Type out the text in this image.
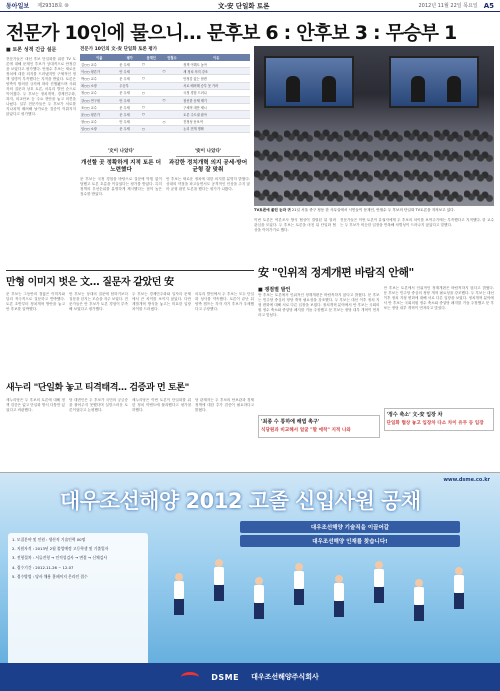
동아일보 제29318호 ⑩	文-安 단일화 토론	2012년 11월 22일 목요일 A5
전문가 10인에 물으니… 문후보 6 : 안후보 3 : 무승부 1
■ 토론 성적 긴급 설문
전문가들은 대선 후보 단일화를 위한 TV 토론에 대해 문재인 후보가 상대적으로 안정감을 보였다고 평가했다. 안철수 후보는 새로운 정치에 대한 의지를 드러냈지만 구체적인 정책 설명이 부족했다는 지적을 받았다. 토론은 양측이 합의한 규칙에 따라 진행됐으며 사회자의 질문과 상호 토론, 마무리 발언 순으로 이어졌다. 두 후보는 정치개혁, 경제민주화, 복지, 외교안보 등 주요 현안을 놓고 의견을 나눴다. 일부 전문가들은 두 후보가 서로를 지나치게 배려해 날카로운 검증이 이뤄지지 않았다고 평가했다.
전문가 10인의 文-安 단일화 토론 평가
이름	평가	문재인	안철수	이유
김○○ 교수	문 우세	○		정책 이해도 높아
이○○ 평론가	안 우세		○	새 정치 의지 강조
박○○ 교수	문 우세	○		안정감 있는 답변
최○○ 소장	무승부			서로 배려해 승부 못 가려
정○○ 교수	문 우세	○		국정 경험 드러나
강○○ 연구원	안 우세		○	참신한 문제 제기
조○○ 교수	문 우세	○		구체적 대안 제시
윤○○ 평론가	문 우세	○		토론 주도권 잡아
장○○ 교수	안 우세		○	진정성 돋보여
임○○ 소장	문 우세	○		논리 전개 명확
TV토론에 쏠린 눈과 귀 21일 서울 중구 정동 한 사무실에서 시민들이 문재인, 안철수 두 후보의 단일화 TV토론을 지켜보고 있다.
'文이 나았다'
개선할 곳 정확하게 지적 토론 더 노련했다
문 후보는 국정 경험을 바탕으로 질문에 막힘 없이 답했고 토론 흐름을 이끌었다는 평가를 받았다. 특히 정책의 우선순위를 분명하게 제시했다는 점이 높은 점수를 받았다.
'安이 나았다'
과감한 정치개혁 의지 공세·방어 균형 잘 맞춰
안 후보는 새로운 정치에 대한 의지를 분명히 밝혔다. 상대의 약점을 파고들면서도 공격적인 인상을 주지 않아 균형 잡힌 토론을 했다는 평가가 나왔다.
이번 토론은 여론조사 방식 협상이 결렬된 뒤 열려 관심을 모았다. 두 후보는 토론을 마친 뒤 단일화 협상을 이어가기로 했다.
전문가들은 이번 토론이 유권자에게 두 후보의 차이를 보여주기에는 부족했다고 지적했다. 한 교수는 두 후보가 비슷한 입장을 반복해 차별성이 드러나지 않았다고 말했다.
만형 이미지 벗은 文… 질문자 같았던 安
문 후보는 그동안의 점잖은 이미지와 달리 적극적으로 질문하고 반박했다. 토론 초반부터 정치개혁 방안을 놓고 안 후보를 압박했다.
안 후보는 상대의 질문에 답하기보다 질문을 던지는 모습을 자주 보였다. 전문가들은 안 후보가 토론 경험이 부족해 보였다고 평가했다.
두 후보는 경제민주화와 일자리 문제에서 큰 차이를 보이지 않았다. 다만 재벌개혁 방식을 놓고는 미묘한 입장 차이를 드러냈다.
마무리 발언에서 두 후보는 모두 단일화 성사를 약속했다. 토론이 끝난 뒤 양측 캠프는 각자 자기 후보가 우세했다고 주장했다.
새누리 "단일화 놓고 티격태격… 검증과 먼 토론"
새누리당은 두 후보의 토론에 대해 정책 검증은 없고 단일화 방식 다툼만 있었다고 비판했다.
당 대변인은 두 후보가 국민의 궁금증을 풀어주지 못했다며 실망스러운 토론이었다고 논평했다.
새누리당은 이번 토론이 단일화를 위한 정치 이벤트에 불과했다고 평가절하했다.
당 관계자는 두 후보의 안보관과 경제정책에 대한 추가 검증이 필요하다고 밝혔다.
安 "인위적 정계개편 바람직 안해"
■ 쟁점별 발언
안 후보는 토론에서 인위적인 정계개편은 바람직하지 않다고 밝혔다. 문 후보는 민주당 중심의 정당 개혁 필요성을 강조했다. 두 후보는 대선 이후 정치 지형 변화에 대해 서로 다른 입장을 보였다. 정치개혁 분야에서 안 후보는 국회의원 정수 축소와 중앙당 폐지를 거듭 주장했고 문 후보는 정당 내부 개혁이 먼저라고 맞섰다.
'최종 수 통하에 해법 촉구'
식당원과 비교해서 얼굴 "딸 애착" 지적 나와
안 후보는 토론에서 인위적인 정계개편은 바람직하지 않다고 밝혔다. 문 후보는 민주당 중심의 정당 개혁 필요성을 강조했다. 두 후보는 대선 이후 정치 지형 변화에 대해 서로 다른 입장을 보였다. 정치개혁 분야에서 안 후보는 국회의원 정수 축소와 중앙당 폐지를 거듭 주장했고 문 후보는 정당 내부 개혁이 먼저라고 맞섰다.
'정수 축소' 文-安 입장 차
단일화 협상 놓고 입장차 다소 차이 유무 등 입장
www.dsme.co.kr
대우조선해양 2012 고졸 신입사원 공채
대우조선해양 기술직을 이끌어갈
대우조선해양 인재를 찾습니다!
1. 모집분야 및 인원 : 생산직 기술인력 00명
2. 지원자격 : 2013년 2월 졸업예정 고등학생 및 기졸업자
3. 전형절차 : 서류전형 → 인적성검사 → 면접 → 신체검사
4. 접수기간 : 2012.11.26 ~ 12.07
5. 접수방법 : 당사 채용 홈페이지 온라인 접수
DSME 대우조선해양주식회사
